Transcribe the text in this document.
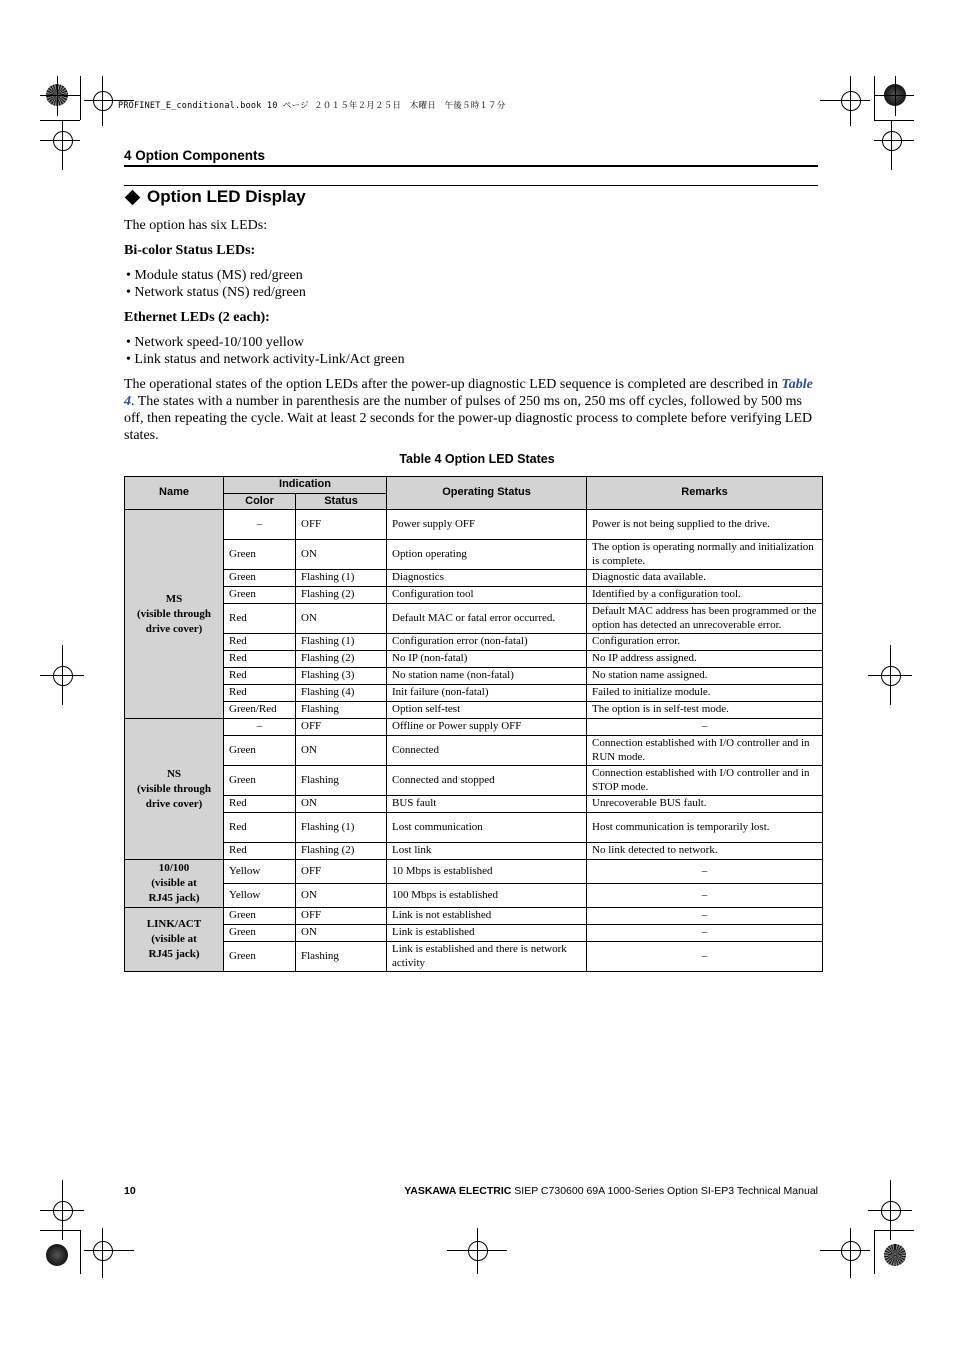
PROFINET_E_conditional.book 10 ページ ２０１５年２月２５日　木曜日　午後５時１７分
4 Option Components
Option LED Display
The option has six LEDs:
Bi-color Status LEDs:
• Module status (MS) red/green
• Network status (NS) red/green
Ethernet LEDs (2 each):
• Network speed-10/100 yellow
• Link status and network activity-Link/Act green
The operational states of the option LEDs after the power-up diagnostic LED sequence is completed are described in Table 4. The states with a number in parenthesis are the number of pulses of 250 ms on, 250 ms off cycles, followed by 500 ms off, then repeating the cycle. Wait at least 2 seconds for the power-up diagnostic process to complete before verifying LED states.
Table 4 Option LED States
Name	Indication		Operating Status	Remarks
	Color	Status		

MS
(visible through
drive cover)	–	OFF	Power supply OFF	Power is not being supplied to the drive.
	Green	ON	Option operating	The option is operating normally and initialization is complete.
	Green	Flashing (1)	Diagnostics	Diagnostic data available.
	Green	Flashing (2)	Configuration tool	Identified by a configuration tool.
	Red	ON	Default MAC or fatal error occurred.	Default MAC address has been programmed or the option has detected an unrecoverable error.
	Red	Flashing (1)	Configuration error (non-fatal)	Configuration error.
	Red	Flashing (2)	No IP (non-fatal)	No IP address assigned.
	Red	Flashing (3)	No station name (non-fatal)	No station name assigned.
	Red	Flashing (4)	Init failure (non-fatal)	Failed to initialize module.
	Green/Red	Flashing	Option self-test	The option is in self-test mode.

NS
(visible through
drive cover)	–	OFF	Offline or Power supply OFF	–
	Green	ON	Connected	Connection established with I/O controller and in RUN mode.
	Green	Flashing	Connected and stopped	Connection established with I/O controller and in STOP mode.
	Red	ON	BUS fault	Unrecoverable BUS fault.
	Red	Flashing (1)	Lost communication	Host communication is temporarily lost.
	Red	Flashing (2)	Lost link	No link detected to network.

10/100
(visible at
RJ45 jack)	Yellow	OFF	10 Mbps is established	–
	Yellow	ON	100 Mbps is established	–

LINK/ACT
(visible at
RJ45 jack)	Green	OFF	Link is not established	–
	Green	ON	Link is established	–
	Green	Flashing	Link is established and there is network activity	–
10	YASKAWA ELECTRIC SIEP C730600 69A 1000-Series Option SI-EP3 Technical Manual
